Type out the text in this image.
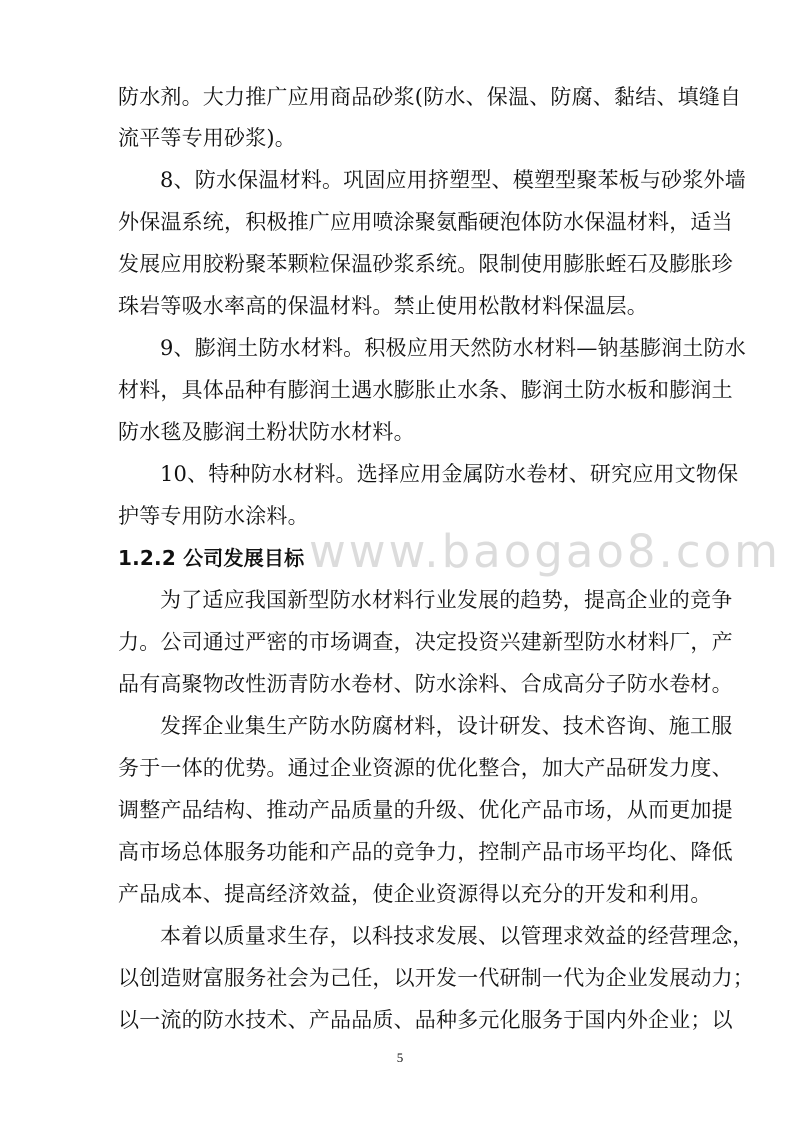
www.baogao8.com
防水剂。大力推广应用商品砂浆(防水、保温、防腐、黏结、填缝自
流平等专用砂浆)。
8、防水保温材料。巩固应用挤塑型、模塑型聚苯板与砂浆外墙
外保温系统，积极推广应用喷涂聚氨酯硬泡体防水保温材料，适当
发展应用胶粉聚苯颗粒保温砂浆系统。限制使用膨胀蛭石及膨胀珍
珠岩等吸水率高的保温材料。禁止使用松散材料保温层。
9、膨润土防水材料。积极应用天然防水材料—钠基膨润土防水
材料，具体品种有膨润土遇水膨胀止水条、膨润土防水板和膨润土
防水毯及膨润土粉状防水材料。
10、特种防水材料。选择应用金属防水卷材、研究应用文物保
护等专用防水涂料。
1.2.2 公司发展目标
为了适应我国新型防水材料行业发展的趋势，提高企业的竞争
力。公司通过严密的市场调查，决定投资兴建新型防水材料厂，产
品有高聚物改性沥青防水卷材、防水涂料、合成高分子防水卷材。
发挥企业集生产防水防腐材料，设计研发、技术咨询、施工服
务于一体的优势。通过企业资源的优化整合，加大产品研发力度、
调整产品结构、推动产品质量的升级、优化产品市场，从而更加提
高市场总体服务功能和产品的竞争力，控制产品市场平均化、降低
产品成本、提高经济效益，使企业资源得以充分的开发和利用。
本着以质量求生存，以科技求发展、以管理求效益的经营理念，
以创造财富服务社会为己任，以开发一代研制一代为企业发展动力；
以一流的防水技术、产品品质、品种多元化服务于国内外企业；以
5
